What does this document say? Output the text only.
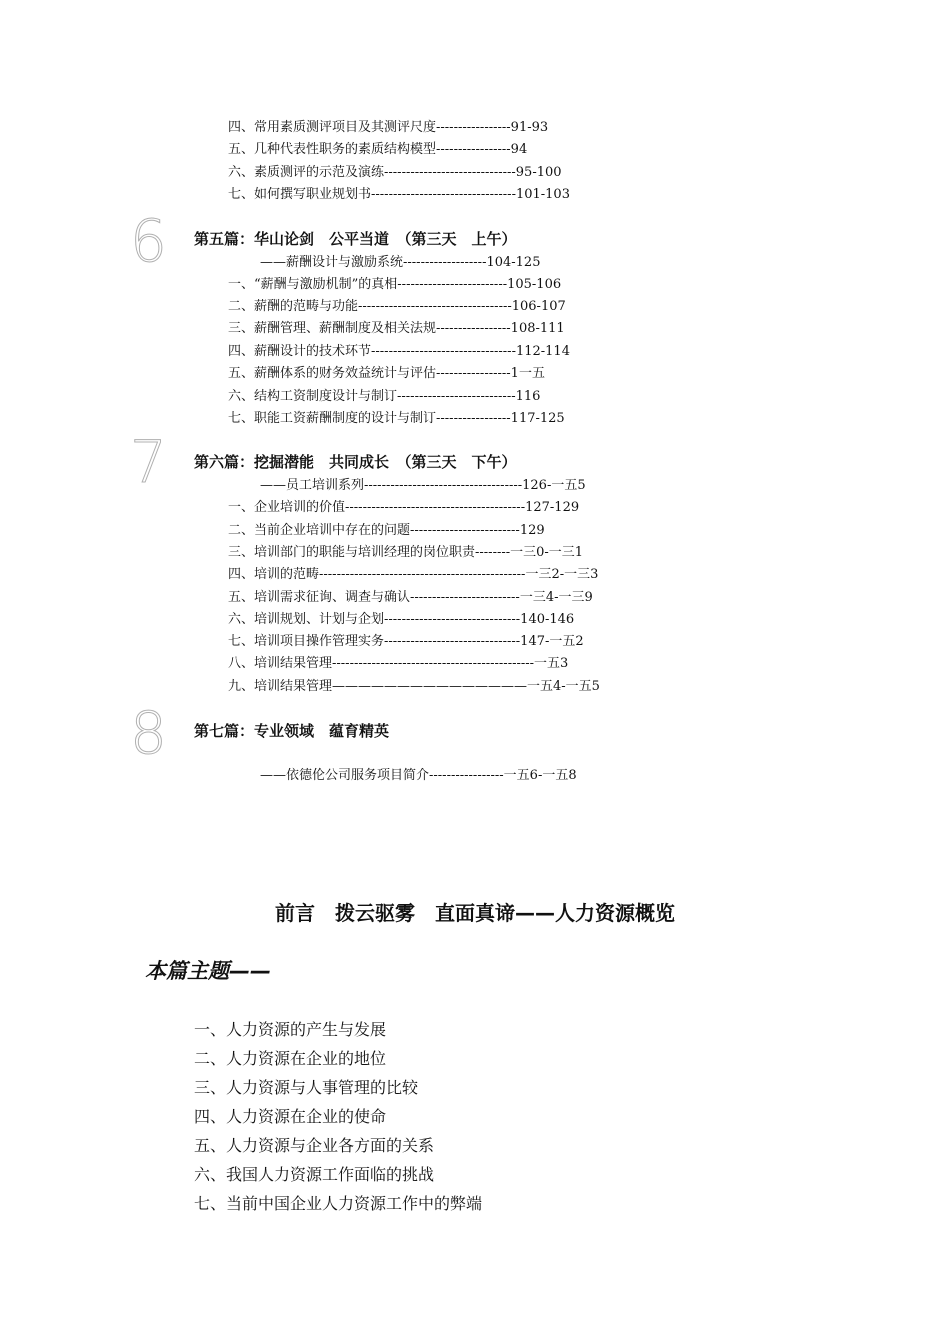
四、常用素质测评项目及其测评尺度-----------------91-93
五、几种代表性职务的素质结构模型-----------------94
六、素质测评的示范及演练------------------------------95-100
七、如何撰写职业规划书---------------------------------101-103
6 第五篇：华山论剑　公平当道　（第三天　上午）
——薪酬设计与激励系统-------------------104-125
一、“薪酬与激励机制”的真相-------------------------105-106
二、薪酬的范畴与功能-----------------------------------106-107
三、薪酬管理、薪酬制度及相关法规-----------------108-111
四、薪酬设计的技术环节---------------------------------112-114
五、薪酬体系的财务效益统计与评估-----------------1一五
六、结构工资制度设计与制订---------------------------116
七、职能工资薪酬制度的设计与制订-----------------117-125
7 第六篇：挖掘潜能　共同成长　（第三天　下午）
——员工培训系列------------------------------------126-一五5
一、企业培训的价值-----------------------------------------127-129
二、当前企业培训中存在的问题-------------------------129
三、培训部门的职能与培训经理的岗位职责--------一三0-一三1
四、培训的范畴-----------------------------------------------一三2-一三3
五、培训需求征询、调查与确认-------------------------一三4-一三9
六、培训规划、计划与企划-------------------------------140-146
七、培训项目操作管理实务-------------------------------147-一五2
八、培训结果管理----------------------------------------------一五3
九、培训结果管理———————————————一五4-一五5
8 第七篇：专业领域　蕴育精英
——依德伦公司服务项目简介-----------------一五6-一五8
前言　拨云驱雾　直面真谛——人力资源概览
本篇主题——
一、人力资源的产生与发展
二、人力资源在企业的地位
三、人力资源与人事管理的比较
四、人力资源在企业的使命
五、人力资源与企业各方面的关系
六、我国人力资源工作面临的挑战
七、当前中国企业人力资源工作中的弊端
